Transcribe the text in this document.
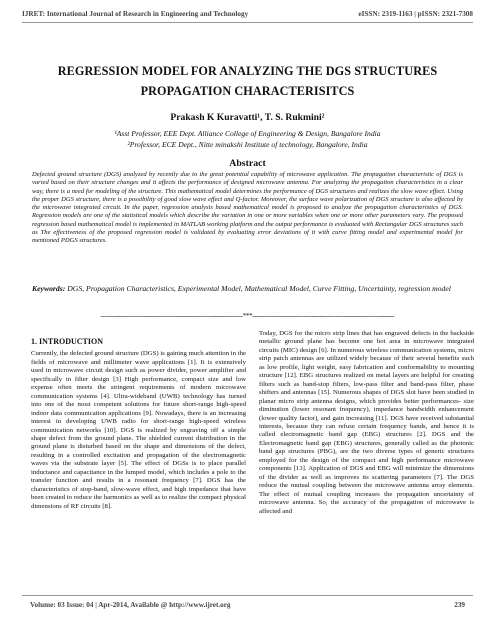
IJRET: International Journal of Research in Engineering and Technology	eISSN: 2319-1163 | pISSN: 2321-7308
REGRESSION MODEL FOR ANALYZING THE DGS STRUCTURES
PROPAGATION CHARACTERISITCS
Prakash K Kuravatti¹, T. S. Rukmini²
¹Asst Professor, EEE Dept. Alliance College of Engineering & Design, Bangalore India
²Professor, ECE Dept., Nitte minakshi Institute of technology, Bangalore, India
Abstract
Defected ground structure (DGS) analyzed by recently due to the great potential capability of microwave application. The propagation characteristic of DGS is varied based on their structure changes and it affects the performance of designed microwave antenna. For analyzing the propagation characteristics in a clear way, there is a need for modeling of the structure. This mathematical model determines the performance of DGS structures and realizes the slow wave effect. Using the proper DGS structure, there is a possibility of good slow wave effect and Q-factor. Moreover, the surface wave polarization of DGS structure is also affected by the microwave integrated circuit. In the paper, regression analysis based mathematical model is proposed to analyze the propagation characteristics of DGS. Regression models are one of the statistical models which describe the variation in one or more variables when one or more other parameters vary. The proposed regression based mathematical model is implemented in MATLAB working platform and the output performance is evaluated with Rectangular DGS structures such as The effectiveness of the proposed regression model is validated by evaluating error deviations of it with curve fitting model and experimental model for mentioned PDGS structures.
Keywords: DGS, Propagation Characteristics, Experimental Model, Mathematical Model, Curve Fitting, Uncertainty, regression model
----------------------------------------------------------------------***----------------------------------------------------------------------
1. INTRODUCTION
Currently, the defected ground structure (DGS) is gaining much attention in the fields of microwave and millimeter wave applications [1]. It is extensively used in microwave circuit design such as power divider, power amplifier and specifically in filter design [3] High performance, compact size and low expense often meets the stringent requirements of modern microwave communication systems [4]. Ultra-wideband (UWB) technology has turned into one of the most competent solutions for future short-range high-speed indoor data communication applications [9]. Nowadays, there is an increasing interest in developing UWB radio for short-range high-speed wireless communication networks [10]. DGS is realized by engraving off a simple shape defect from the ground plane. The shielded current distribution in the ground plane is disturbed based on the shape and dimensions of the defect, resulting in a controlled excitation and propagation of the electromagnetic waves via the substrate layer [5]. The effect of DGSs is to place parallel inductance and capacitance in the lumped model, which includes a pole to the transfer function and results in a resonant frequency [7]. DGS has the characteristics of stop-band, slow-wave effect, and high impedance that have been created to reduce the harmonics as well as to realize the compact physical dimensions of RF circuits [8].
Today, DGS for the micro strip lines that has engraved defects in the backside metallic ground plane has become one hot area in microwave integrated circuits (MIC) design [6]. In numerous wireless communication systems, micro strip patch antennas are utilized widely because of their several benefits such as low profile, light weight, easy fabrication and conformability to mounting structure [12]. EBG structures realized on metal layers are helpful for creating filters such as band-stop filters, low-pass filter and band-pass filter, phase shifters and antennas [15]. Numerous shapes of DGS slot have been studied in planar micro strip antenna designs, which provides better performances- size diminution (lower resonant frequency), impedance bandwidth enhancement (lower quality factor), and gain increasing [11]. DGS have received substantial interests, because they can refuse certain frequency bands, and hence it is called electromagnetic band gap (EBG) structures [2]. DGS and the Electromagnetic band gap (EBG) structures, generally called as the photonic band gap structures (PBG), are the two diverse types of generic structures employed for the design of the compact and high performance microwave components [13]. Application of DGS and EBG will minimize the dimensions of the divider as well as improves its scattering parameters [7]. The DGS reduce the mutual coupling between the microwave antenna array elements. The effect of mutual coupling increases the propagation uncertainty of microwave antenna. So, the accuracy of the propagation of microwave is affected and
Volume: 03 Issue: 04 | Apr-2014, Available @ http://www.ijret.org	239
